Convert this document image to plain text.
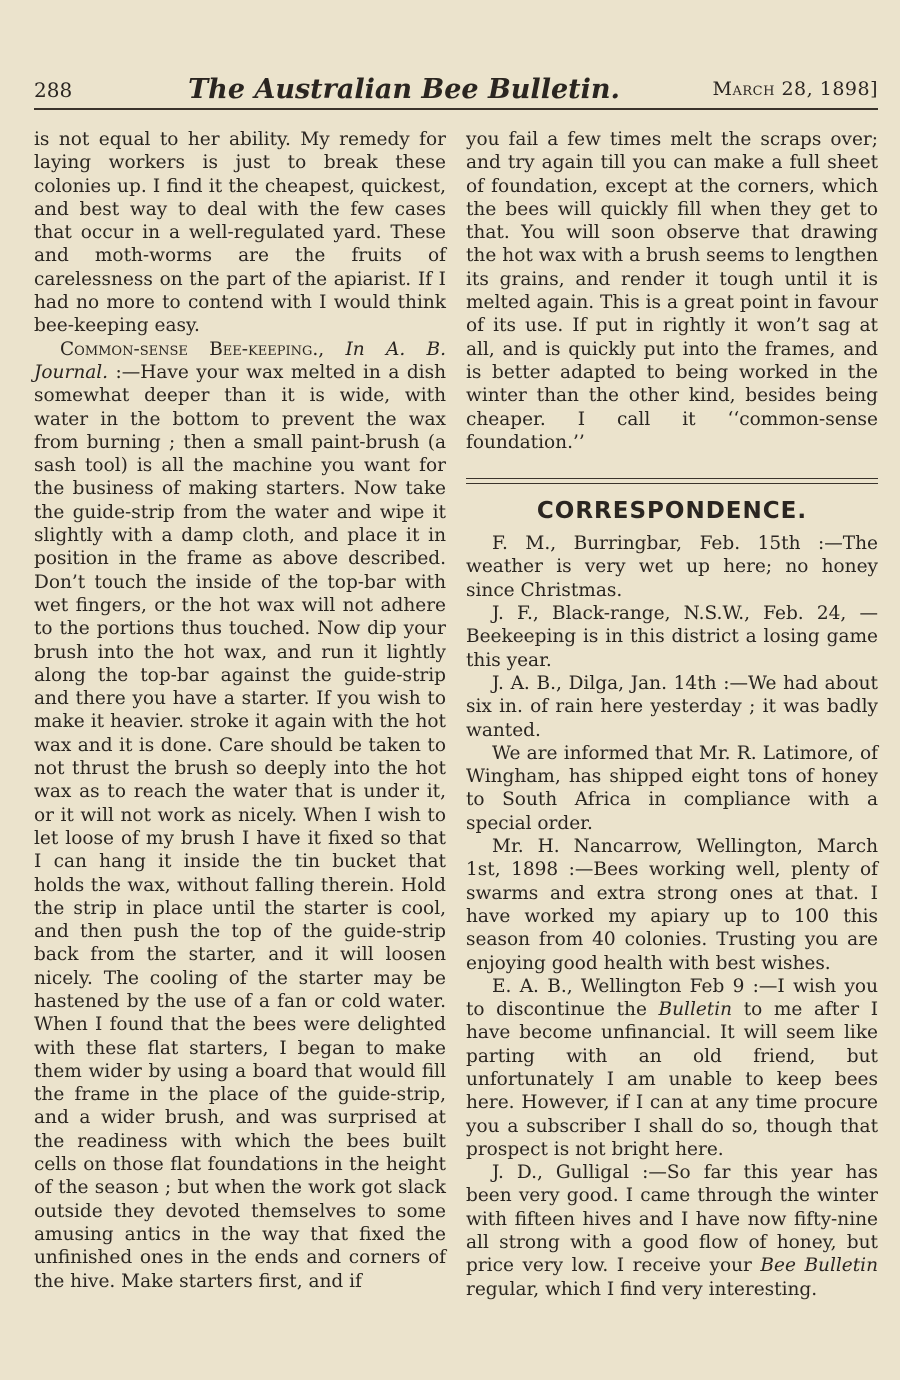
288	The Australian Bee Bulletin.	March 28, 1898]

is not equal to her ability. My remedy for laying workers is just to break these colonies up. I find it the cheapest, quickest, and best way to deal with the few cases that occur in a well-regulated yard. These and moth-worms are the fruits of carelessness on the part of the apiarist. If I had no more to contend with I would think bee-keeping easy.

Common-sense Bee-keeping., In A. B. Journal. :—Have your wax melted in a dish somewhat deeper than it is wide, with water in the bottom to prevent the wax from burning ; then a small paint-brush (a sash tool) is all the machine you want for the business of making starters. Now take the guide-strip from the water and wipe it slightly with a damp cloth, and place it in position in the frame as above described. Don’t touch the inside of the top-bar with wet fingers, or the hot wax will not adhere to the portions thus touched. Now dip your brush into the hot wax, and run it lightly along the top-bar against the guide-strip and there you have a starter. If you wish to make it heavier. stroke it again with the hot wax and it is done. Care should be taken to not thrust the brush so deeply into the hot wax as to reach the water that is under it, or it will not work as nicely. When I wish to let loose of my brush I have it fixed so that I can hang it inside the tin bucket that holds the wax, without falling therein. Hold the strip in place until the starter is cool, and then push the top of the guide-strip back from the starter, and it will loosen nicely. The cooling of the starter may be hastened by the use of a fan or cold water. When I found that the bees were delighted with these flat starters, I began to make them wider by using a board that would fill the frame in the place of the guide-strip, and a wider brush, and was surprised at the readiness with which the bees built cells on those flat foundations in the height of the season ; but when the work got slack outside they devoted themselves to some amusing antics in the way that fixed the unfinished ones in the ends and corners of the hive. Make starters first, and if

you fail a few times melt the scraps over; and try again till you can make a full sheet of foundation, except at the corners, which the bees will quickly fill when they get to that. You will soon observe that drawing the hot wax with a brush seems to lengthen its grains, and render it tough until it is melted again. This is a great point in favour of its use. If put in rightly it won’t sag at all, and is quickly put into the frames, and is better adapted to being worked in the winter than the other kind, besides being cheaper. I call it ‘‘common-sense foundation.’’

CORRESPONDENCE.

F. M., Burringbar, Feb. 15th :—The weather is very wet up here; no honey since Christmas.

J. F., Black-range, N.S.W., Feb. 24, —Beekeeping is in this district a losing game this year.

J. A. B., Dilga, Jan. 14th :—We had about six in. of rain here yesterday ; it was badly wanted.

We are informed that Mr. R. Latimore, of Wingham, has shipped eight tons of honey to South Africa in compliance with a special order.

Mr. H. Nancarrow, Wellington, March 1st, 1898 :—Bees working well, plenty of swarms and extra strong ones at that. I have worked my apiary up to 100 this season from 40 colonies. Trusting you are enjoying good health with best wishes.

E. A. B., Wellington Feb 9 :—I wish you to discontinue the Bulletin to me after I have become unfinancial. It will seem like parting with an old friend, but unfortunately I am unable to keep bees here. However, if I can at any time procure you a subscriber I shall do so, though that prospect is not bright here.

J. D., Gulligal :—So far this year has been very good. I came through the winter with fifteen hives and I have now fifty-nine all strong with a good flow of honey, but price very low. I receive your Bee Bulletin regular, which I find very interesting.
